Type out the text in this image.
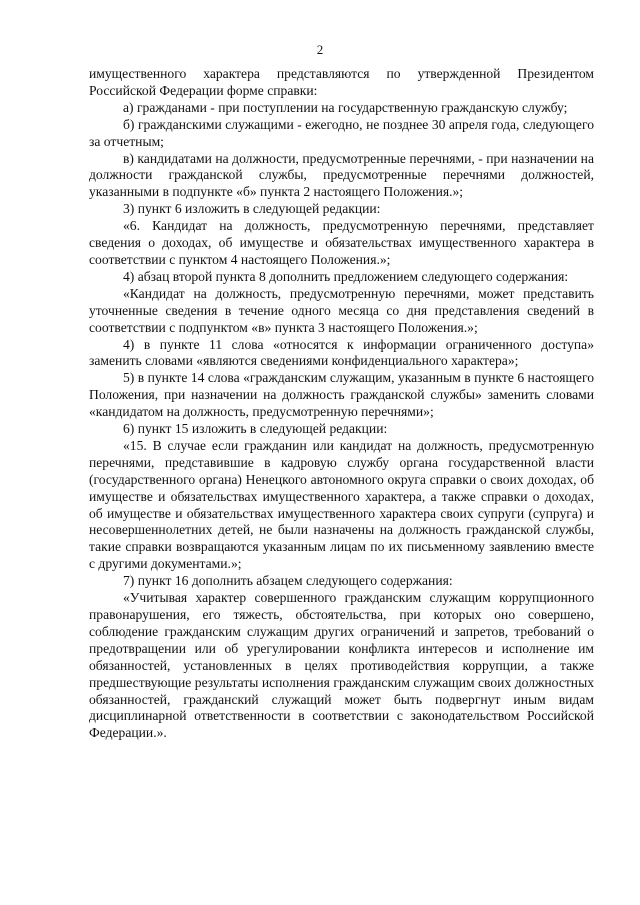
2

имущественного характера представляются по утвержденной Президентом Российской Федерации форме справки:

а) гражданами - при поступлении на государственную гражданскую службу;

б) гражданскими служащими - ежегодно, не позднее 30 апреля года, следующего за отчетным;

в) кандидатами на должности, предусмотренные перечнями, - при назначении на должности гражданской службы, предусмотренные перечнями должностей, указанными в подпункте «б» пункта 2 настоящего Положения.»;

3) пункт 6 изложить в следующей редакции:

«6. Кандидат на должность, предусмотренную перечнями, представляет сведения о доходах, об имуществе и обязательствах имущественного характера в соответствии с пунктом 4 настоящего Положения.»;

4) абзац второй пункта 8 дополнить предложением следующего содержания:

«Кандидат на должность, предусмотренную перечнями, может представить уточненные сведения в течение одного месяца со дня представления сведений в соответствии с подпунктом «в» пункта 3 настоящего Положения.»;

4) в пункте 11 слова «относятся к информации ограниченного доступа» заменить словами «являются сведениями конфиденциального характера»;

5) в пункте 14 слова «гражданским служащим, указанным в пункте 6 настоящего Положения, при назначении на должность гражданской службы» заменить словами «кандидатом на должность, предусмотренную перечнями»;

6) пункт 15 изложить в следующей редакции:

«15. В случае если гражданин или кандидат на должность, предусмотренную перечнями, представившие в кадровую службу органа государственной власти (государственного органа) Ненецкого автономного округа справки о своих доходах, об имуществе и обязательствах имущественного характера, а также справки о доходах, об имуществе и обязательствах имущественного характера своих супруги (супруга) и несовершеннолетних детей, не были назначены на должность гражданской службы, такие справки возвращаются указанным лицам по их письменному заявлению вместе с другими документами.»;

7) пункт 16 дополнить абзацем следующего содержания:

«Учитывая характер совершенного гражданским служащим коррупционного правонарушения, его тяжесть, обстоятельства, при которых оно совершено, соблюдение гражданским служащим других ограничений и запретов, требований о предотвращении или об урегулировании конфликта интересов и исполнение им обязанностей, установленных в целях противодействия коррупции, а также предшествующие результаты исполнения гражданским служащим своих должностных обязанностей, гражданский служащий может быть подвергнут иным видам дисциплинарной ответственности в соответствии с законодательством Российской Федерации.».
